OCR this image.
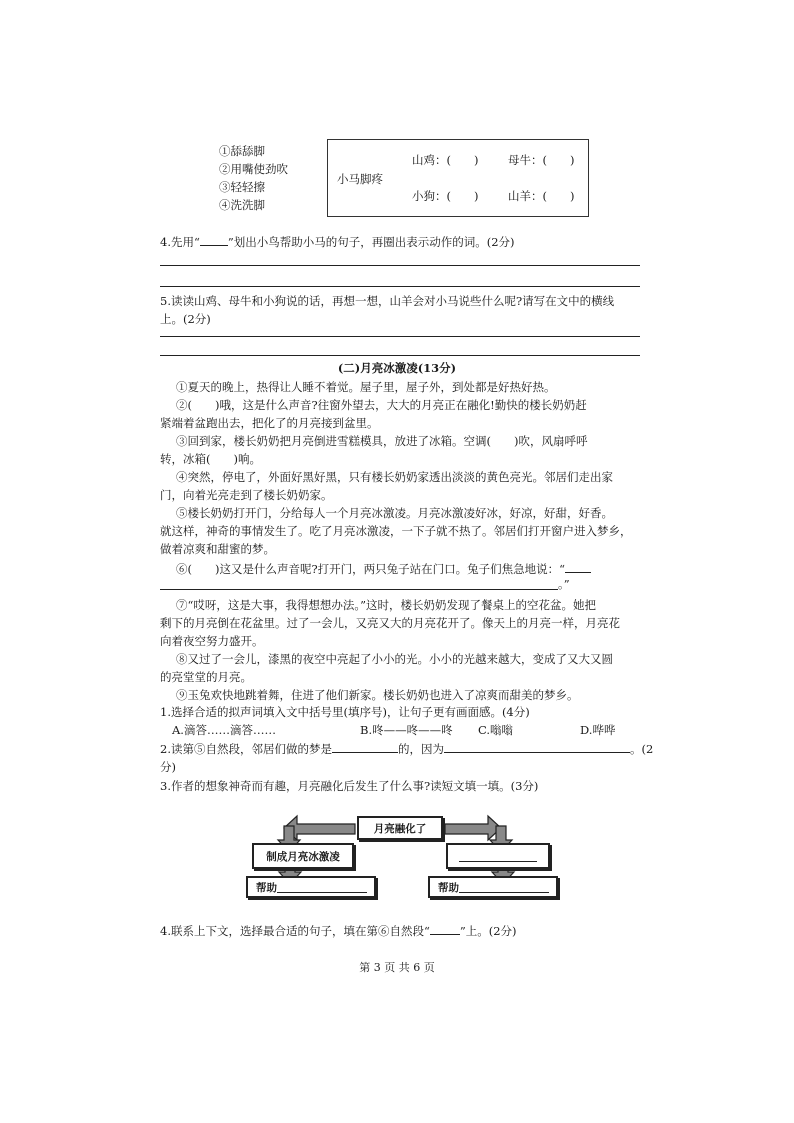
①舔舔脚
②用嘴使劲吹
③轻轻擦
④洗洗脚
小马脚疼
山鸡：(　　)	母牛：(　　)
小狗：(　　)	山羊：(　　)
4.先用“ ”划出小鸟帮助小马的句子，再圈出表示动作的词。(2分)
5.读读山鸡、母牛和小狗说的话，再想一想，山羊会对小马说些什么呢?请写在文中的横线
上。(2分)
(二)月亮冰激凌(13分)
①夏天的晚上，热得让人睡不着觉。屋子里，屋子外，到处都是好热好热。
②(　　)哦，这是什么声音?往窗外望去，大大的月亮正在融化!勤快的楼长奶奶赶
紧端着盆跑出去，把化了的月亮接到盆里。
③回到家，楼长奶奶把月亮倒进雪糕模具，放进了冰箱。空调(　　)吹，风扇呼呼
转，冰箱(　　)响。
④突然，停电了，外面好黑好黑，只有楼长奶奶家透出淡淡的黄色亮光。邻居们走出家
门，向着光亮走到了楼长奶奶家。
⑤楼长奶奶打开门，分给每人一个月亮冰激凌。月亮冰激凌好冰，好凉，好甜，好香。
就这样，神奇的事情发生了。吃了月亮冰激凌，一下子就不热了。邻居们打开窗户进入梦乡，
做着凉爽和甜蜜的梦。
⑥(　　)这又是什么声音呢?打开门，两只兔子站在门口。兔子们焦急地说：“
。”
⑦“哎呀，这是大事，我得想想办法。”这时，楼长奶奶发现了餐桌上的空花盆。她把
剩下的月亮倒在花盆里。过了一会儿，又亮又大的月亮花开了。像天上的月亮一样，月亮花
向着夜空努力盛开。
⑧又过了一会儿，漆黑的夜空中亮起了小小的光。小小的光越来越大，变成了又大又圆
的亮堂堂的月亮。
⑨玉兔欢快地跳着舞，住进了他们新家。楼长奶奶也进入了凉爽而甜美的梦乡。
1.选择合适的拟声词填入文中括号里(填序号)，让句子更有画面感。(4分)
A.滴答……滴答……	B.咚——咚——咚 C.嗡嗡	D.哗哗
2.读第⑤自然段，邻居们做的梦是	的，因为	。(2
分)
3.作者的想象神奇而有趣，月亮融化后发生了什么事?读短文填一填。(3分)
月亮融化了
制成月亮冰激凌
帮助	帮助
4.联系上下文，选择最合适的句子，填在第⑥自然段“	”上。(2分)
第 3 页 共 6 页
